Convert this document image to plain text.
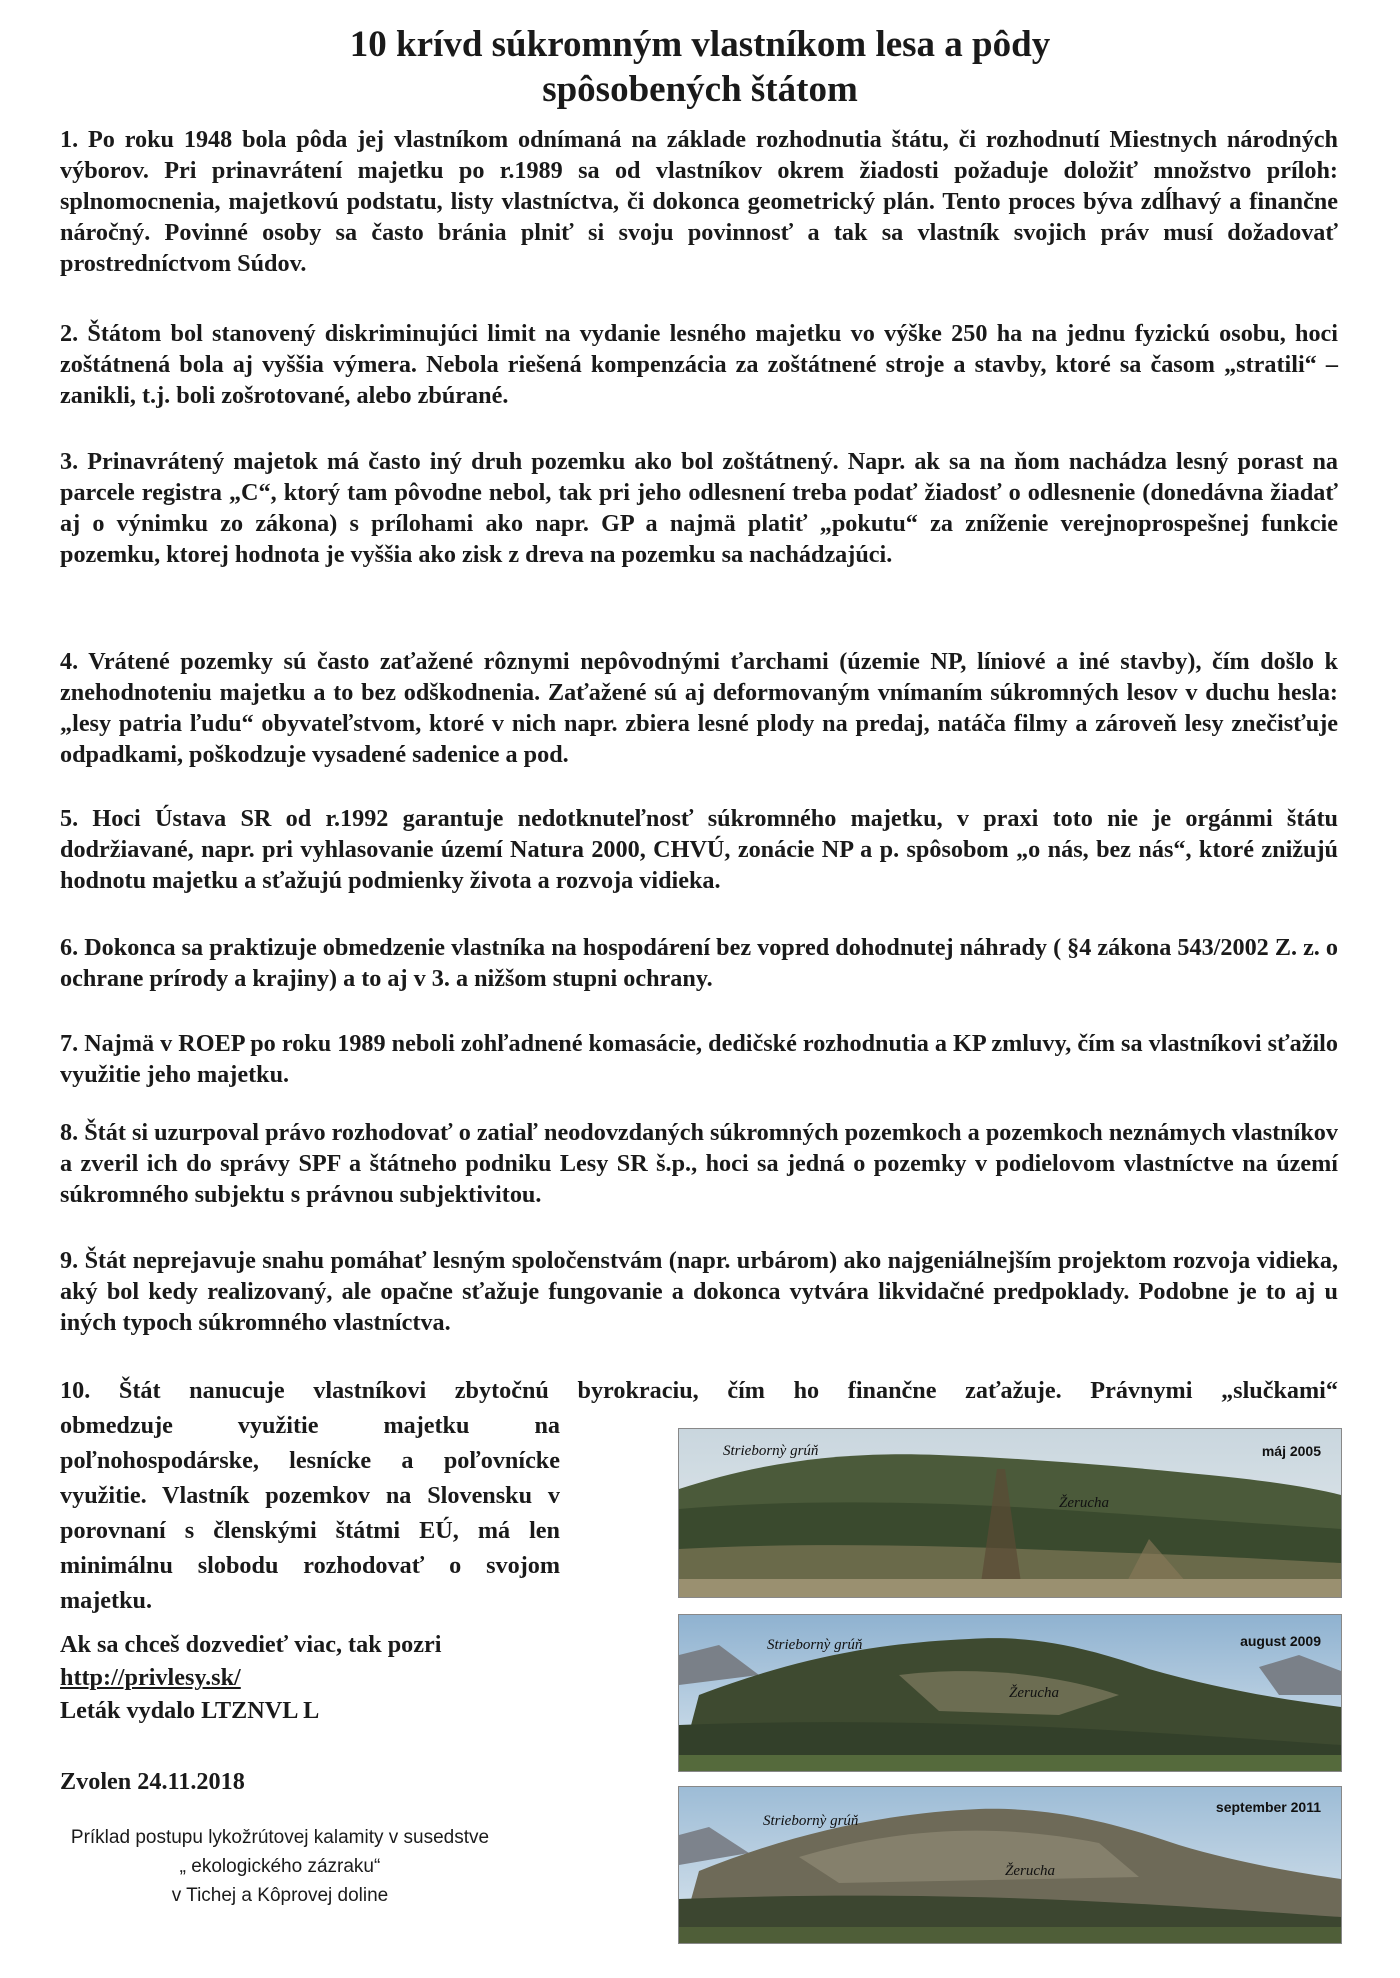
10 krívd súkromným vlastníkom lesa a pôdy
spôsobených štátom

1. Po roku 1948 bola pôda jej vlastníkom odnímaná na základe rozhodnutia štátu, či rozhodnutí Miestnych národných výborov. Pri prinavrátení majetku po r.1989 sa od vlastníkov okrem žiadosti požaduje doložiť množstvo príloh: splnomocnenia, majetkovú podstatu, listy vlastníctva, či dokonca geometrický plán. Tento proces býva zdĺhavý a finančne náročný. Povinné osoby sa často bránia plniť si svoju povinnosť a tak sa vlastník svojich práv musí dožadovať prostredníctvom Súdov.

2. Štátom bol stanovený diskriminujúci limit na vydanie lesného majetku vo výške 250 ha na jednu fyzickú osobu, hoci zoštátnená bola aj vyššia výmera. Nebola riešená kompenzácia za zoštátnené stroje a stavby, ktoré sa časom „stratili“ – zanikli, t.j. boli zošrotované, alebo zbúrané.

3. Prinavrátený majetok má často iný druh pozemku ako bol zoštátnený. Napr. ak sa na ňom nachádza lesný porast na parcele registra „C“, ktorý tam pôvodne nebol, tak pri jeho odlesnení treba podať žiadosť o odlesnenie (donedávna žiadať aj o výnimku zo zákona) s prílohami ako napr. GP a najmä platiť „pokutu“ za zníženie verejnoprospešnej funkcie pozemku, ktorej hodnota je vyššia ako zisk z dreva na pozemku sa nachádzajúci.

4. Vrátené pozemky sú často zaťažené rôznymi nepôvodnými ťarchami (územie NP, líniové a iné stavby), čím došlo k znehodnoteniu majetku a to bez odškodnenia. Zaťažené sú aj deformovaným vnímaním súkromných lesov v duchu hesla: „lesy patria ľudu“ obyvateľstvom, ktoré v nich napr. zbiera lesné plody na predaj, natáča filmy a zároveň lesy znečisťuje odpadkami, poškodzuje vysadené sadenice a pod.

5. Hoci Ústava SR od r.1992 garantuje nedotknuteľnosť súkromného majetku, v praxi toto nie je orgánmi štátu dodržiavané, napr. pri vyhlasovanie území Natura 2000, CHVÚ, zonácie NP a p. spôsobom „o nás, bez nás“, ktoré znižujú hodnotu majetku a sťažujú podmienky života a rozvoja vidieka.

6. Dokonca sa praktizuje obmedzenie vlastníka na hospodárení bez vopred dohodnutej náhrady ( §4 zákona 543/2002 Z. z. o ochrane prírody a krajiny) a to aj v 3. a nižšom stupni ochrany.

7. Najmä v ROEP po roku 1989 neboli zohľadnené komasácie, dedičské rozhodnutia a KP zmluvy, čím sa vlastníkovi sťažilo využitie jeho majetku.

8. Štát si uzurpoval právo rozhodovať o zatiaľ neodovzdaných súkromných pozemkoch a pozemkoch neznámych vlastníkov a zveril ich do správy SPF a štátneho podniku Lesy SR š.p., hoci sa jedná o pozemky v podielovom vlastníctve na území súkromného subjektu s právnou subjektivitou.

9. Štát neprejavuje snahu pomáhať lesným spoločenstvám (napr. urbárom) ako najgeniálnejším projektom rozvoja vidieka, aký bol kedy realizovaný, ale opačne sťažuje fungovanie a dokonca vytvára likvidačné predpoklady. Podobne je to aj u iných typoch súkromného vlastníctva.

10. Štát nanucuje vlastníkovi zbytočnú byrokraciu, čím ho finančne zaťažuje. Právnymi „slučkami“

obmedzuje využitie majetku na poľnohospodárske, lesnícke a poľovnícke využitie. Vlastník pozemkov na Slovensku v porovnaní s členskými štátmi EÚ, má len minimálnu slobodu rozhodovať o svojom majetku.

Ak sa chceš dozvedieť viac, tak pozri
http://privlesy.sk/
Leták vydalo LTZNVL L

Zvolen 24.11.2018

Príklad postupu lykožrútovej kalamity v susedstve
„ ekologického zázraku“
v Tichej a Kôprovej doline
Striebornỳ grúň
Žerucha
máj 2005
Striebornỳ grúň
Žerucha
august 2009
Striebornỳ grúň
Žerucha
september 2011
